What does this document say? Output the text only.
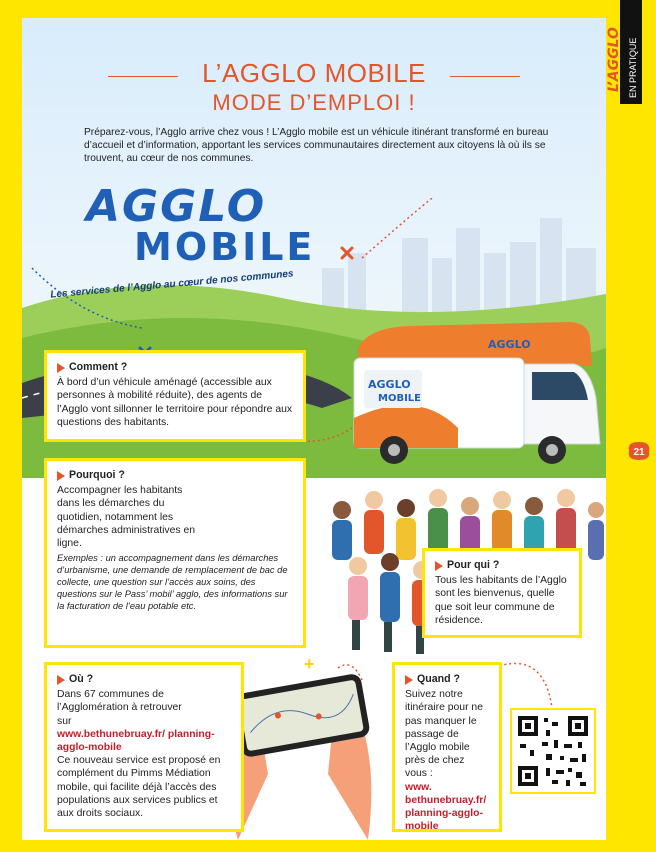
L’AGGLO MOBILE
MODE D’EMPLOI !
Préparez-vous, l’Agglo arrive chez vous ! L’Agglo mobile est un véhicule itinérant transformé en bureau d’accueil et d’information, apportant les services communautaires directement aux citoyens là où ils se trouvent, au cœur de nos communes.
AGGLO
MOBILE
Les services de l’Agglo au cœur de nos communes
AGGLO
MOBILE
AGGLO
+
Comment ?
À bord d’un véhicule aménagé (accessible aux personnes à mobilité réduite), des agents de l’Agglo vont sillonner le territoire pour répondre aux questions des habitants.
Pourquoi ?
Accompagner les habitants dans les démarches du quotidien, notamment les démarches administratives en ligne.
Exemples : un accompagnement dans les démarches d’urbanisme, une demande de remplacement de bac de collecte, une question sur l’accès aux soins, des questions sur le Pass’ mobil’ agglo, des informations sur la facturation de l’eau potable etc.
Pour qui ?
Tous les habitants de l’Agglo sont les bienvenus, quelle que soit leur commune de résidence.
Où ?
Dans 67 communes de l’Agglomération à retrouver sur
www.bethunebruay.fr/ planning-agglo-mobile
Ce nouveau service est proposé en complément du Pimms Médiation mobile, qui facilite déjà l’accès des populations aux services publics et aux droits sociaux.
Quand ?
Suivez notre itinéraire pour ne pas manquer le passage de l’Agglo mobile près de chez vous :
www. bethunebruay.fr/ planning-agglo- mobile
L’AGGLO EN PRATIQUE
21
